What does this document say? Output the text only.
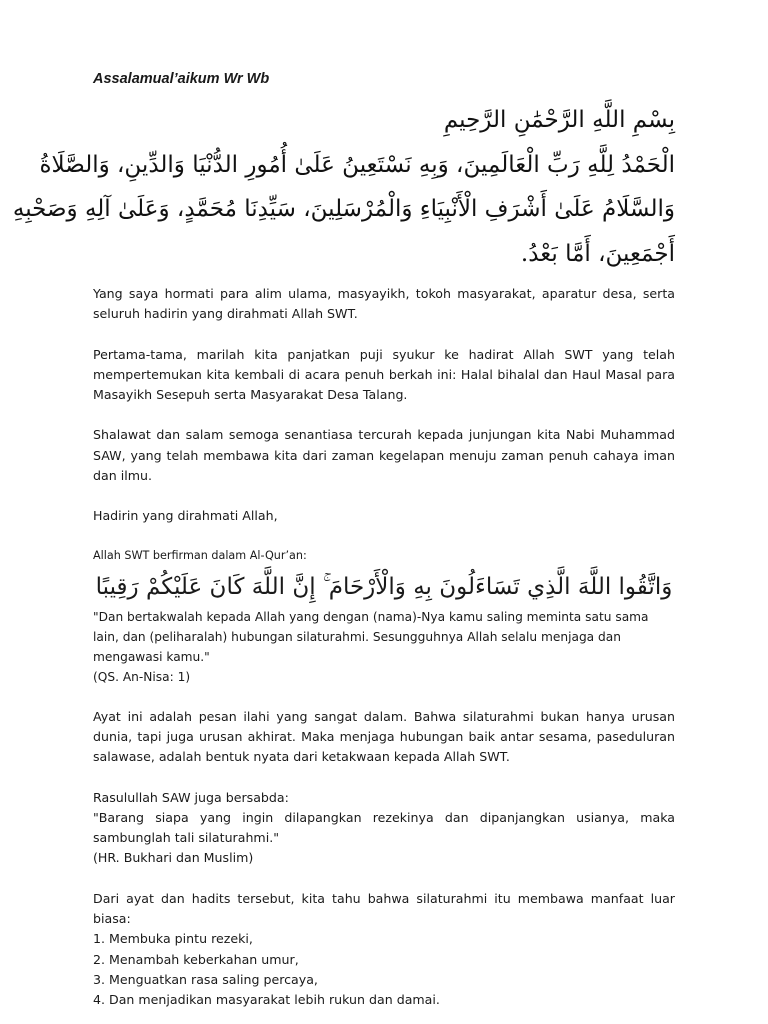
Assalamual’aikum Wr Wb

بِسْمِ اللَّهِ الرَّحْمَٰنِ الرَّحِيمِ
الْحَمْدُ لِلَّهِ رَبِّ الْعَالَمِينَ، وَبِهِ نَسْتَعِينُ عَلَىٰ أُمُورِ الدُّنْيَا وَالدِّينِ، وَالصَّلَاةُ
وَالسَّلَامُ عَلَىٰ أَشْرَفِ الْأَنْبِيَاءِ وَالْمُرْسَلِينَ، سَيِّدِنَا مُحَمَّدٍ، وَعَلَىٰ آلِهِ وَصَحْبِهِ
أَجْمَعِينَ، أَمَّا بَعْدُ.

Yang saya hormati para alim ulama, masyayikh, tokoh masyarakat, aparatur desa, serta seluruh hadirin yang dirahmati Allah SWT.

Pertama-tama, marilah kita panjatkan puji syukur ke hadirat Allah SWT yang telah mempertemukan kita kembali di acara penuh berkah ini: Halal bihalal dan Haul Masal para Masayikh Sesepuh serta Masyarakat Desa Talang.

Shalawat dan salam semoga senantiasa tercurah kepada junjungan kita Nabi Muhammad SAW, yang telah membawa kita dari zaman kegelapan menuju zaman penuh cahaya iman dan ilmu.

Hadirin yang dirahmati Allah,

Allah SWT berfirman dalam Al-Qur’an:

وَاتَّقُوا اللَّهَ الَّذِي تَسَاءَلُونَ بِهِ وَالْأَرْحَامَ ۚ إِنَّ اللَّهَ كَانَ عَلَيْكُمْ رَقِيبًا

"Dan bertakwalah kepada Allah yang dengan (nama)-Nya kamu saling meminta satu sama lain, dan (peliharalah) hubungan silaturahmi. Sesungguhnya Allah selalu menjaga dan mengawasi kamu."

(QS. An-Nisa: 1)

Ayat ini adalah pesan ilahi yang sangat dalam. Bahwa silaturahmi bukan hanya urusan dunia, tapi juga urusan akhirat. Maka menjaga hubungan baik antar sesama, paseduluran salawase, adalah bentuk nyata dari ketakwaan kepada Allah SWT.

Rasulullah SAW juga bersabda:

"Barang siapa yang ingin dilapangkan rezekinya dan dipanjangkan usianya, maka sambunglah tali silaturahmi."

(HR. Bukhari dan Muslim)

Dari ayat dan hadits tersebut, kita tahu bahwa silaturahmi itu membawa manfaat luar biasa:

1. Membuka pintu rezeki,
2. Menambah keberkahan umur,
3. Menguatkan rasa saling percaya,
4. Dan menjadikan masyarakat lebih rukun dan damai.
